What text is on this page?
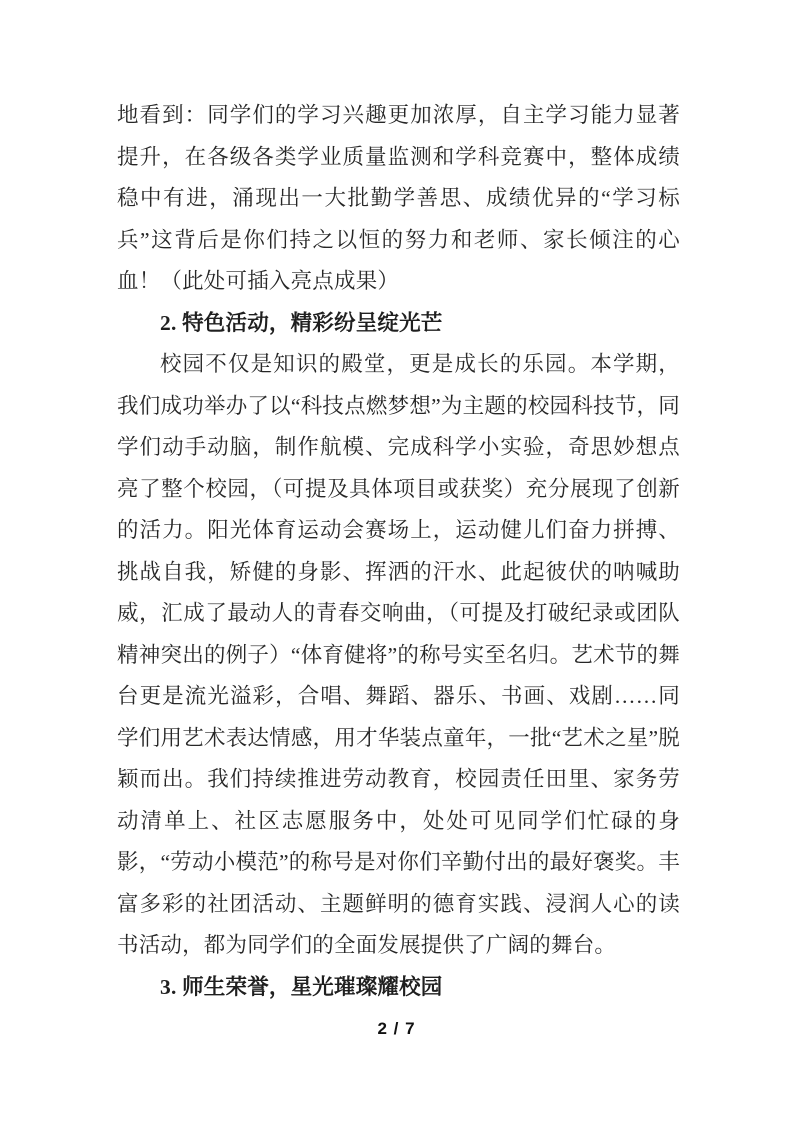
地看到：同学们的学习兴趣更加浓厚，自主学习能力显著提升，在各级各类学业质量监测和学科竞赛中，整体成绩稳中有进，涌现出一大批勤学善思、成绩优异的“学习标兵”这背后是你们持之以恒的努力和老师、家长倾注的心血！（此处可插入亮点成果）

2. 特色活动，精彩纷呈绽光芒

校园不仅是知识的殿堂，更是成长的乐园。本学期，我们成功举办了以“科技点燃梦想”为主题的校园科技节，同学们动手动脑，制作航模、完成科学小实验，奇思妙想点亮了整个校园，（可提及具体项目或获奖）充分展现了创新的活力。阳光体育运动会赛场上，运动健儿们奋力拼搏、挑战自我，矫健的身影、挥洒的汗水、此起彼伏的呐喊助威，汇成了最动人的青春交响曲，（可提及打破纪录或团队精神突出的例子）“体育健将”的称号实至名归。艺术节的舞台更是流光溢彩，合唱、舞蹈、器乐、书画、戏剧……同学们用艺术表达情感，用才华装点童年，一批“艺术之星”脱颖而出。我们持续推进劳动教育，校园责任田里、家务劳动清单上、社区志愿服务中，处处可见同学们忙碌的身影，“劳动小模范”的称号是对你们辛勤付出的最好褒奖。丰富多彩的社团活动、主题鲜明的德育实践、浸润人心的读书活动，都为同学们的全面发展提供了广阔的舞台。

3. 师生荣誉，星光璀璨耀校园

2 / 7
